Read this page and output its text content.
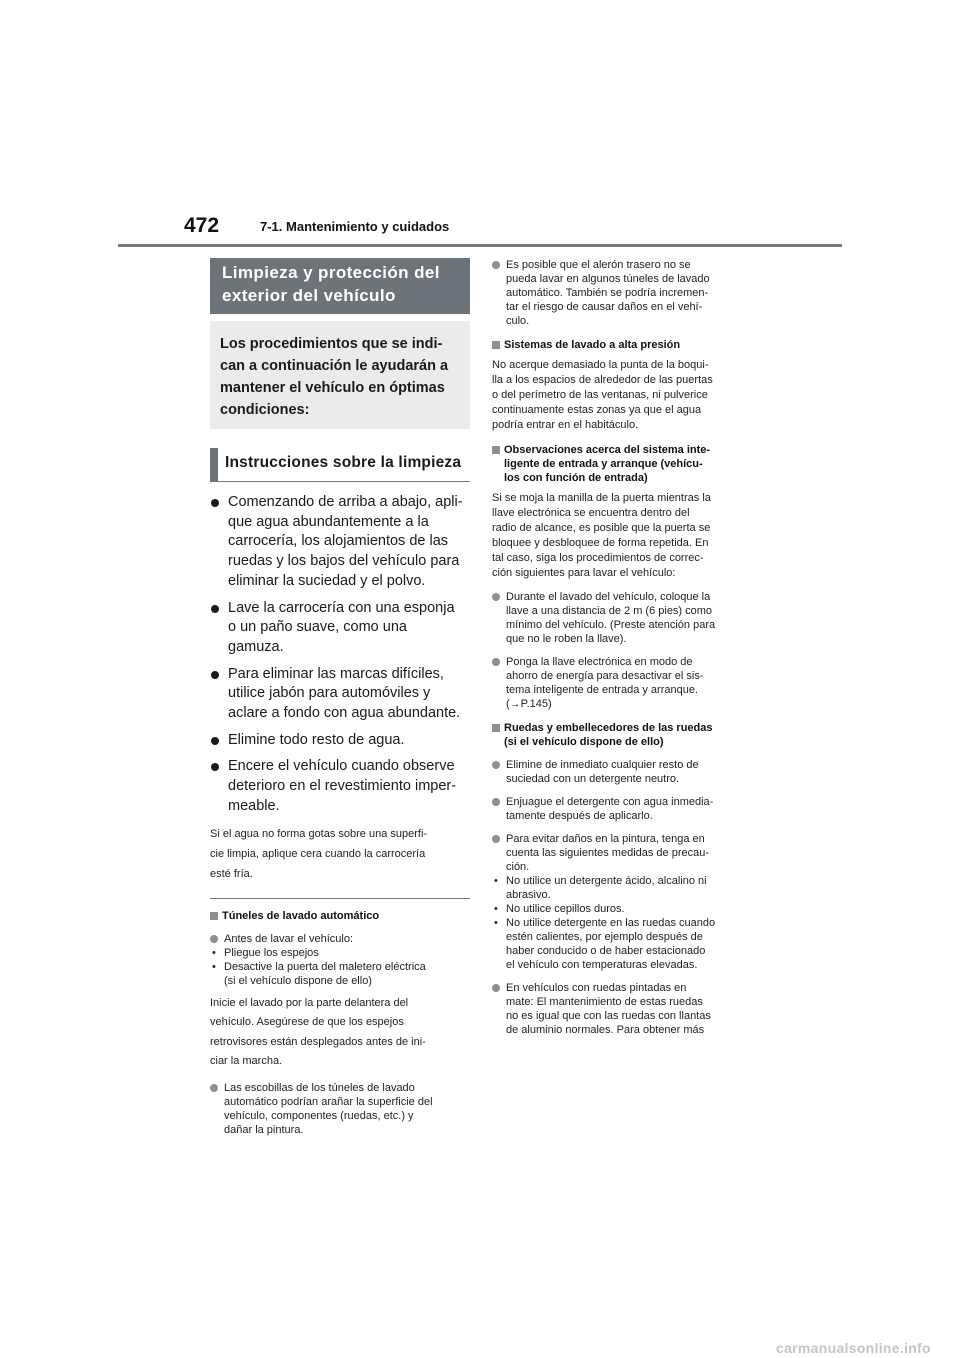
472	7-1. Mantenimiento y cuidados
Limpieza y protección del exterior del vehículo
Los procedimientos que se indi-
can a continuación le ayudarán a
mantener el vehículo en óptimas
condiciones:
Instrucciones sobre la limpieza
Comenzando de arriba a abajo, apli-
que agua abundantemente a la
carrocería, los alojamientos de las
ruedas y los bajos del vehículo para
eliminar la suciedad y el polvo.
Lave la carrocería con una esponja
o un paño suave, como una
gamuza.
Para eliminar las marcas difíciles,
utilice jabón para automóviles y
aclare a fondo con agua abundante.
Elimine todo resto de agua.
Encere el vehículo cuando observe
deterioro en el revestimiento imper-
meable.
Si el agua no forma gotas sobre una superfi-
cie limpia, aplique cera cuando la carrocería
esté fría.
Túneles de lavado automático
Antes de lavar el vehículo:
• Pliegue los espejos
• Desactive la puerta del maletero eléctrica
(si el vehículo dispone de ello)
Inicie el lavado por la parte delantera del
vehículo. Asegúrese de que los espejos
retrovisores están desplegados antes de ini-
ciar la marcha.
Las escobillas de los túneles de lavado
automático podrían arañar la superficie del
vehículo, componentes (ruedas, etc.) y
dañar la pintura.
Es posible que el alerón trasero no se
pueda lavar en algunos túneles de lavado
automático. También se podría incremen-
tar el riesgo de causar daños en el vehí-
culo.
Sistemas de lavado a alta presión
No acerque demasiado la punta de la boqui-
lla a los espacios de alrededor de las puertas
o del perímetro de las ventanas, ni pulverice
continuamente estas zonas ya que el agua
podría entrar en el habitáculo.
Observaciones acerca del sistema inte-
ligente de entrada y arranque (vehícu-
los con función de entrada)
Si se moja la manilla de la puerta mientras la
llave electrónica se encuentra dentro del
radio de alcance, es posible que la puerta se
bloquee y desbloquee de forma repetida. En
tal caso, siga los procedimientos de correc-
ción siguientes para lavar el vehículo:
Durante el lavado del vehículo, coloque la
llave a una distancia de 2 m (6 pies) como
mínimo del vehículo. (Preste atención para
que no le roben la llave).
Ponga la llave electrónica en modo de
ahorro de energía para desactivar el sis-
tema inteligente de entrada y arranque.
(→P.145)
Ruedas y embellecedores de las ruedas
(si el vehículo dispone de ello)
Elimine de inmediato cualquier resto de
suciedad con un detergente neutro.
Enjuague el detergente con agua inmedia-
tamente después de aplicarlo.
Para evitar daños en la pintura, tenga en
cuenta las siguientes medidas de precau-
ción.
• No utilice un detergente ácido, alcalino ni
abrasivo.
• No utilice cepillos duros.
• No utilice detergente en las ruedas cuando
estén calientes, por ejemplo después de
haber conducido o de haber estacionado
el vehículo con temperaturas elevadas.
En vehículos con ruedas pintadas en
mate: El mantenimiento de estas ruedas
no es igual que con las ruedas con llantas
de aluminio normales. Para obtener más
carmanualsonline.info
